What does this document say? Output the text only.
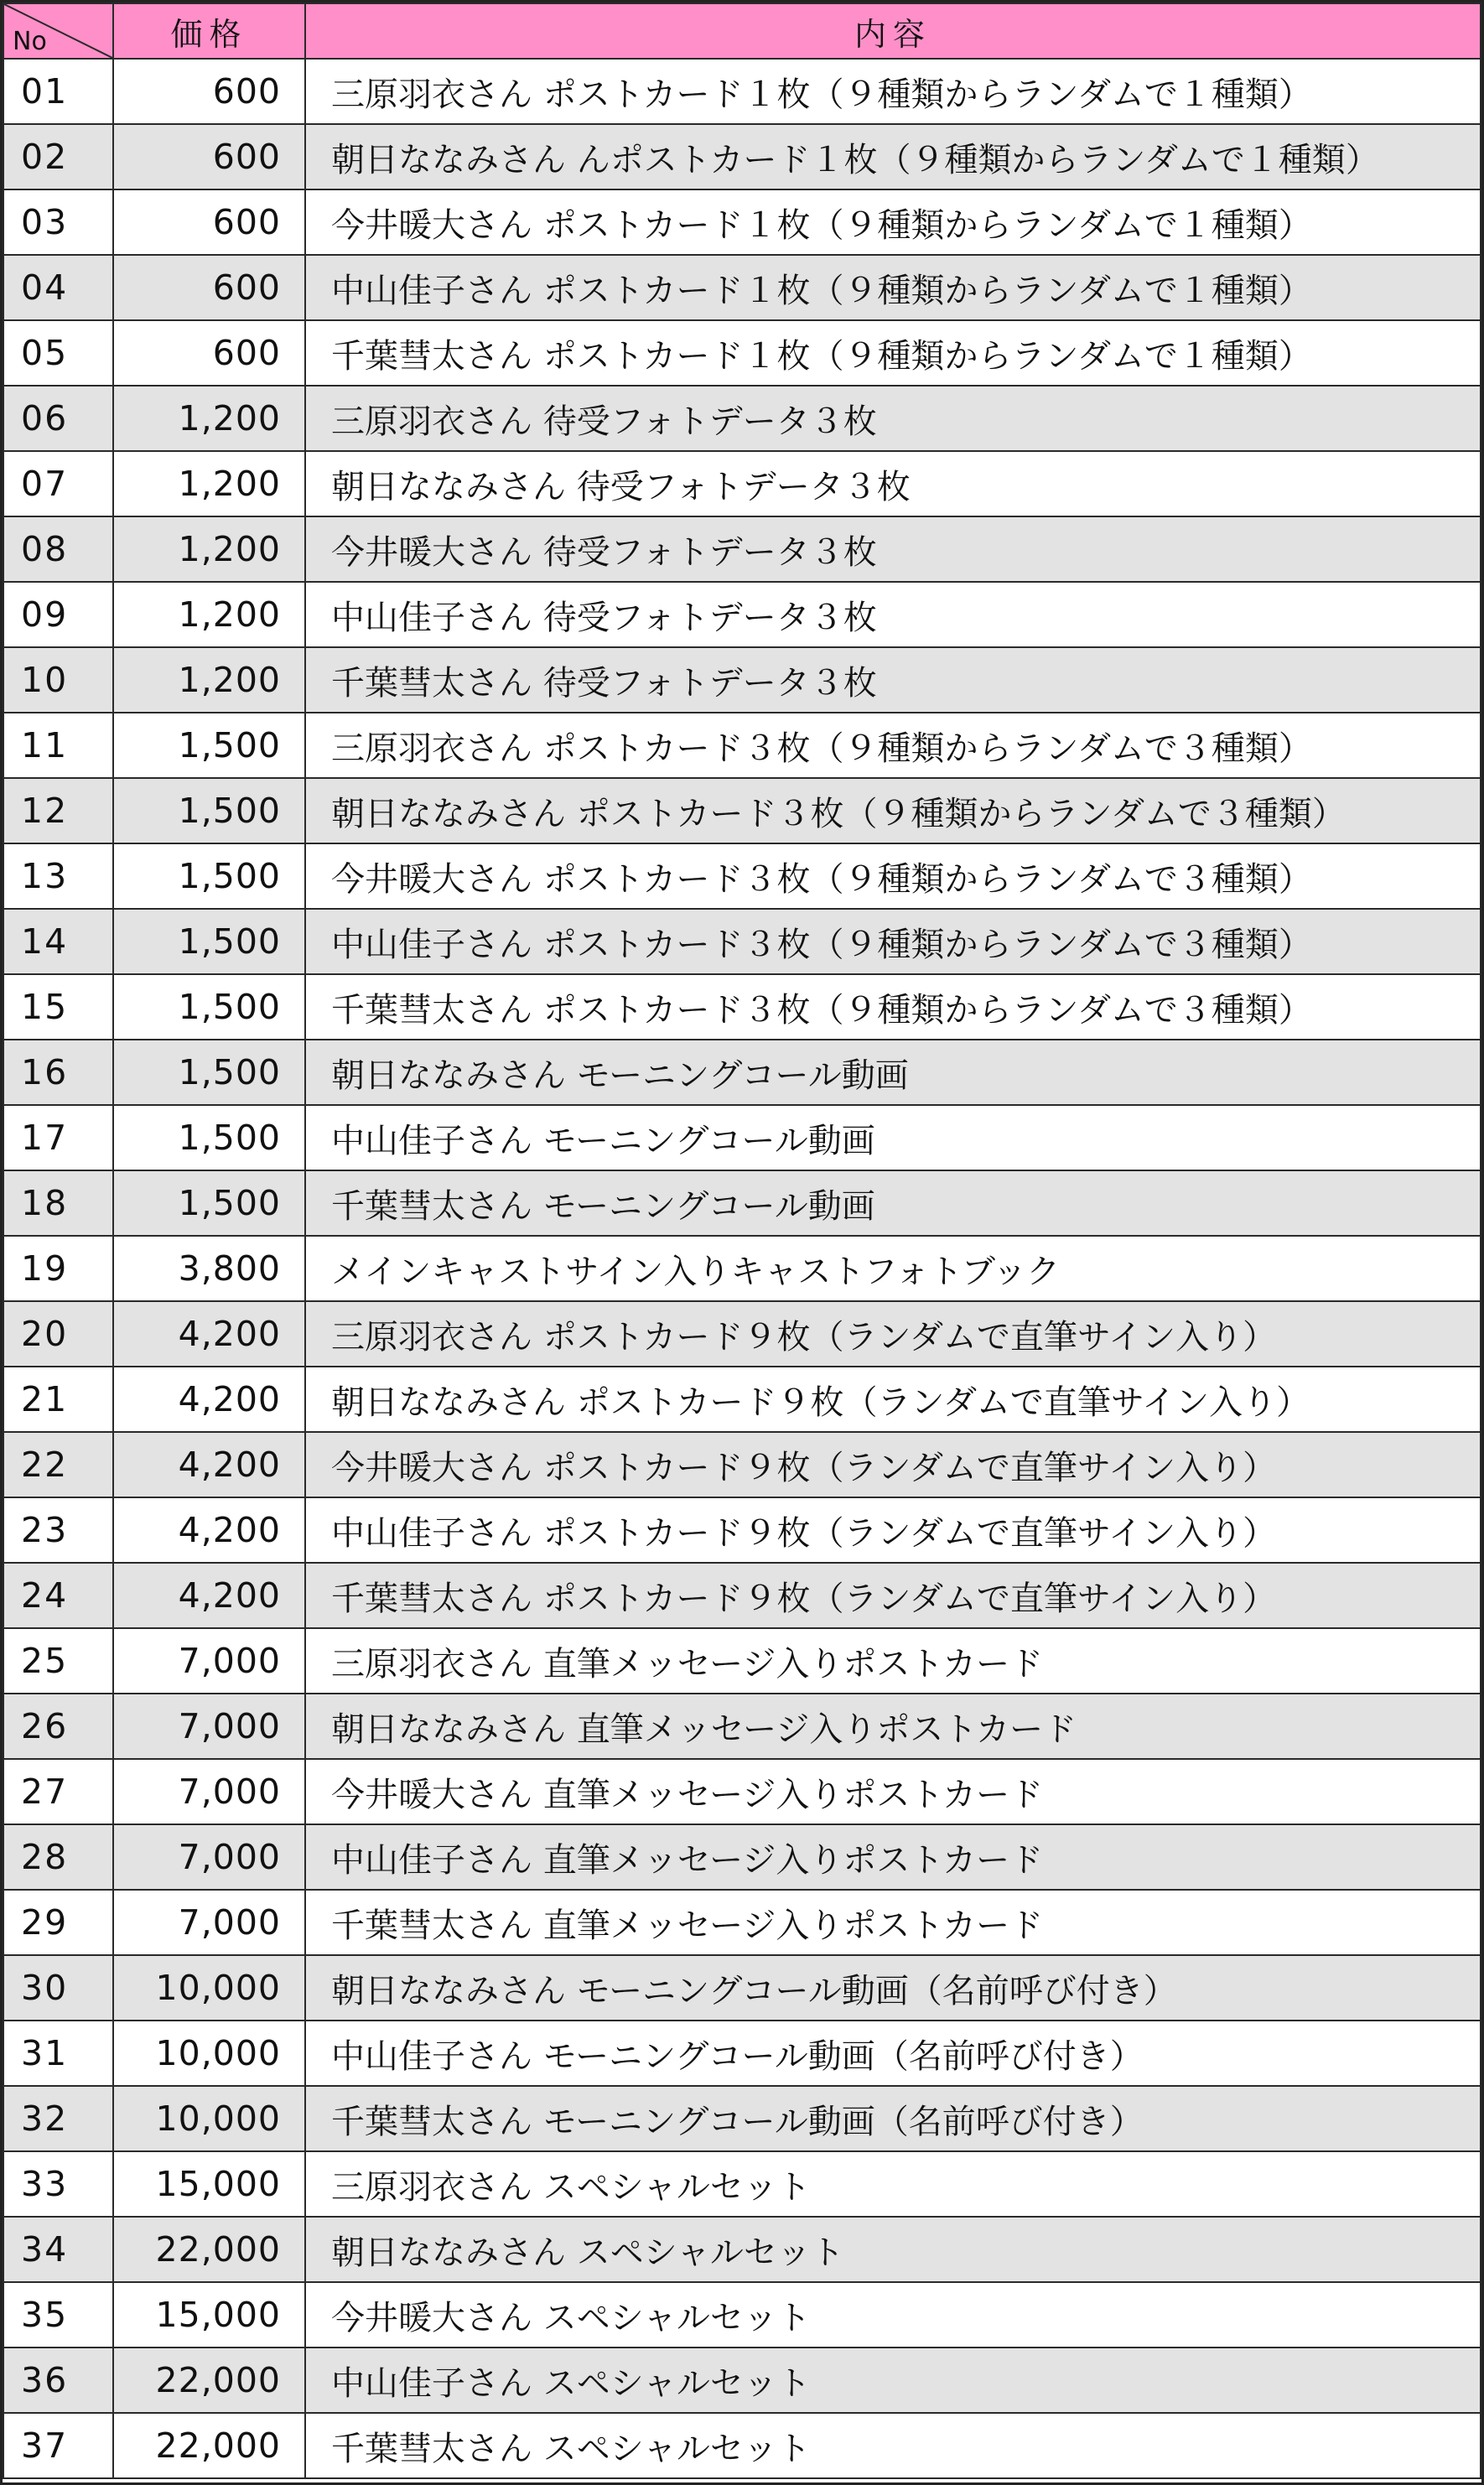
No	価格	内容
01	600	三原羽衣さん ポストカード１枚（９種類からランダムで１種類）
02	600	朝日ななみさん んポストカード１枚（９種類からランダムで１種類）
03	600	今井暖大さん ポストカード１枚（９種類からランダムで１種類）
04	600	中山佳子さん ポストカード１枚（９種類からランダムで１種類）
05	600	千葉彗太さん ポストカード１枚（９種類からランダムで１種類）
06	1,200	三原羽衣さん 待受フォトデータ３枚
07	1,200	朝日ななみさん 待受フォトデータ３枚
08	1,200	今井暖大さん 待受フォトデータ３枚
09	1,200	中山佳子さん 待受フォトデータ３枚
10	1,200	千葉彗太さん 待受フォトデータ３枚
11	1,500	三原羽衣さん ポストカード３枚（９種類からランダムで３種類）
12	1,500	朝日ななみさん ポストカード３枚（９種類からランダムで３種類）
13	1,500	今井暖大さん ポストカード３枚（９種類からランダムで３種類）
14	1,500	中山佳子さん ポストカード３枚（９種類からランダムで３種類）
15	1,500	千葉彗太さん ポストカード３枚（９種類からランダムで３種類）
16	1,500	朝日ななみさん モーニングコール動画
17	1,500	中山佳子さん モーニングコール動画
18	1,500	千葉彗太さん モーニングコール動画
19	3,800	メインキャストサイン入りキャストフォトブック
20	4,200	三原羽衣さん ポストカード９枚（ランダムで直筆サイン入り）
21	4,200	朝日ななみさん ポストカード９枚（ランダムで直筆サイン入り）
22	4,200	今井暖大さん ポストカード９枚（ランダムで直筆サイン入り）
23	4,200	中山佳子さん ポストカード９枚（ランダムで直筆サイン入り）
24	4,200	千葉彗太さん ポストカード９枚（ランダムで直筆サイン入り）
25	7,000	三原羽衣さん 直筆メッセージ入りポストカード
26	7,000	朝日ななみさん 直筆メッセージ入りポストカード
27	7,000	今井暖大さん 直筆メッセージ入りポストカード
28	7,000	中山佳子さん 直筆メッセージ入りポストカード
29	7,000	千葉彗太さん 直筆メッセージ入りポストカード
30	10,000	朝日ななみさん モーニングコール動画（名前呼び付き）
31	10,000	中山佳子さん モーニングコール動画（名前呼び付き）
32	10,000	千葉彗太さん モーニングコール動画（名前呼び付き）
33	15,000	三原羽衣さん スペシャルセット
34	22,000	朝日ななみさん スペシャルセット
35	15,000	今井暖大さん スペシャルセット
36	22,000	中山佳子さん スペシャルセット
37	22,000	千葉彗太さん スペシャルセット
